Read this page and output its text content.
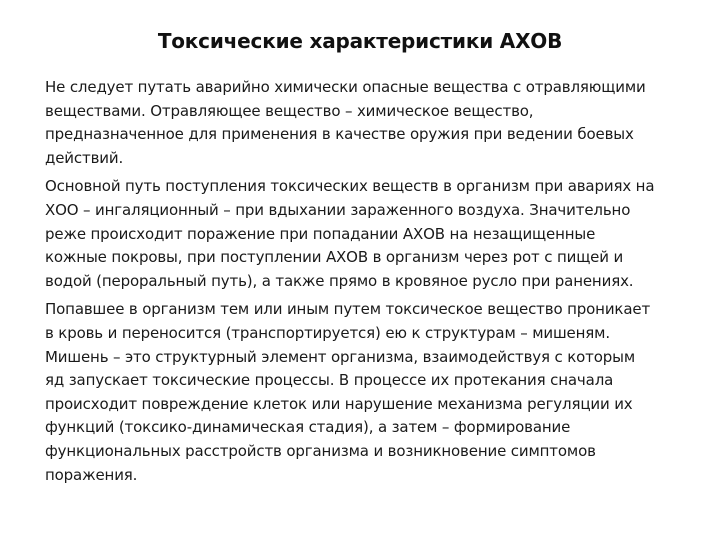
Токсические характеристики АХОВ

Не следует путать аварийно химически опасные вещества с отравляющими
веществами. Отравляющее вещество – химическое вещество,
предназначенное для применения в качестве оружия при ведении боевых
действий.

Основной путь поступления токсических веществ в организм при авариях на
ХОО – ингаляционный – при вдыхании зараженного воздуха. Значительно
реже происходит поражение при попадании АХОВ на незащищенные
кожные покровы, при поступлении АХОВ в организм через рот с пищей и
водой (пероральный путь), а также прямо в кровяное русло при ранениях.

Попавшее в организм тем или иным путем токсическое вещество проникает
в кровь и переносится (транспортируется) ею к структурам – мишеням.
Мишень – это структурный элемент организма, взаимодействуя с которым
яд запускает токсические процессы. В процессе их протекания сначала
происходит повреждение клеток или нарушение механизма регуляции их
функций (токсико-динамическая стадия), а затем – формирование
функциональных расстройств организма и возникновение симптомов
поражения.
